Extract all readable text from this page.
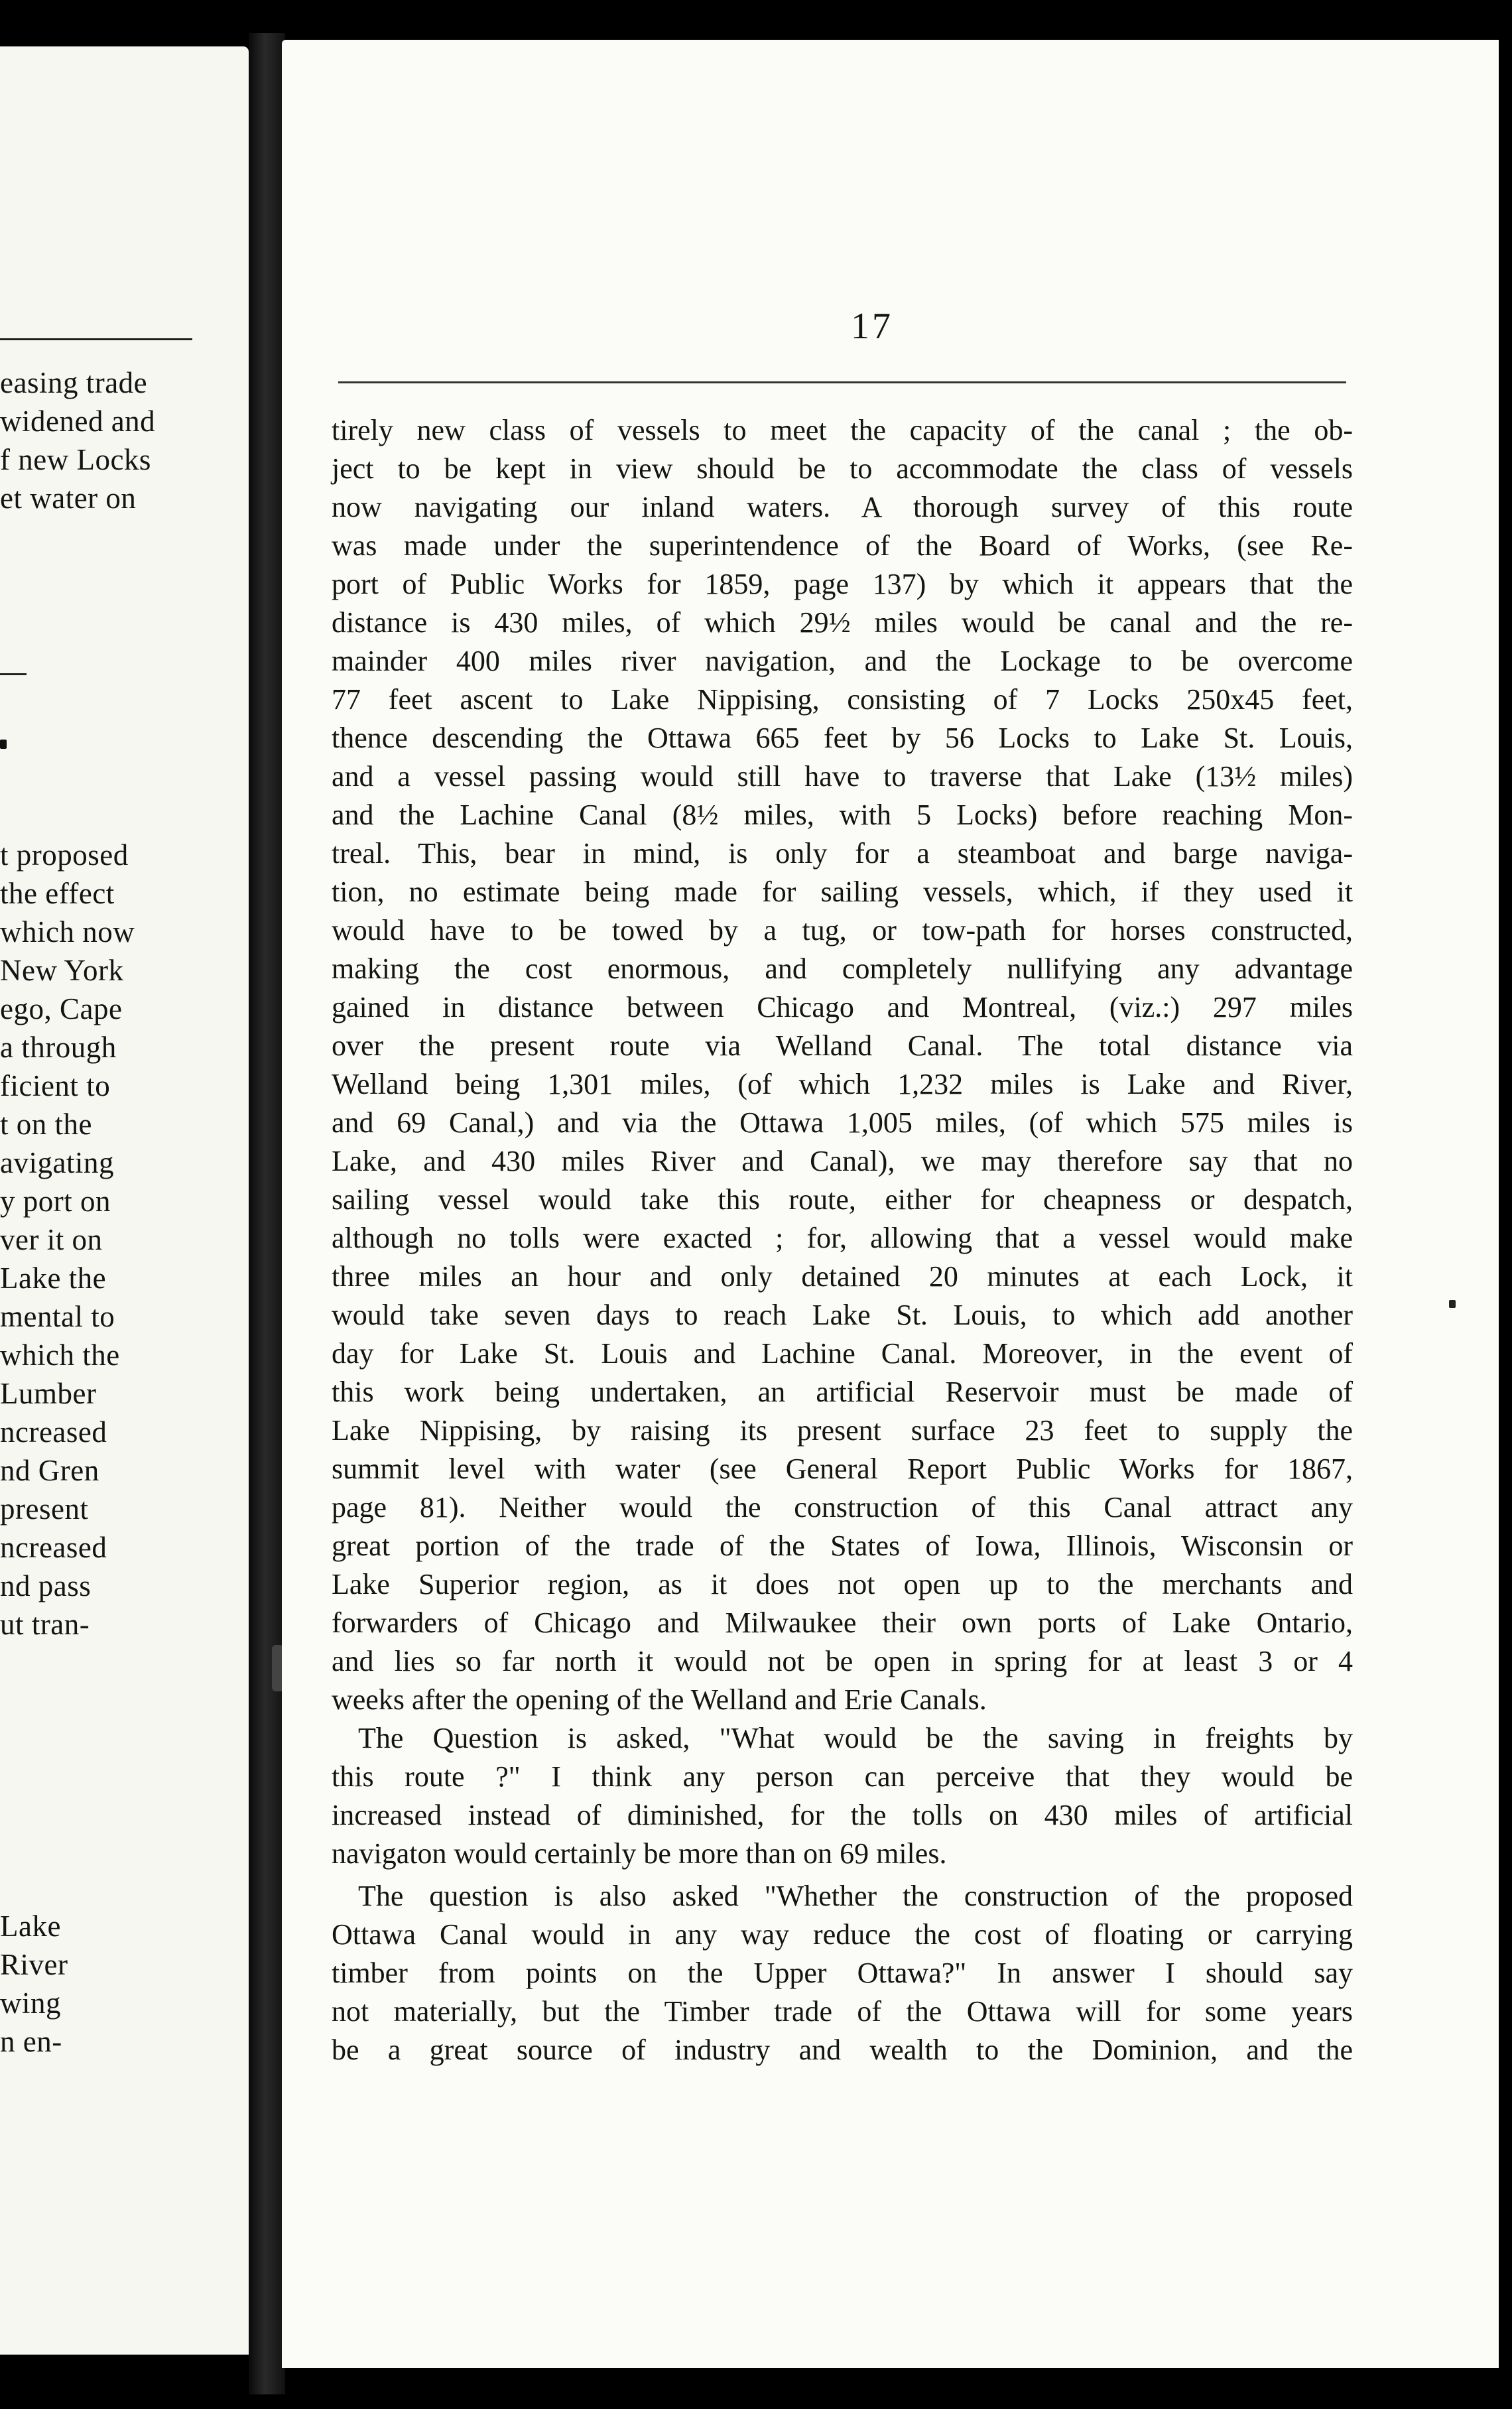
easing trade
widened and
f new Locks
et water on
t proposed
the effect
which now
New York
ego, Cape
a through
ficient to
t on the
avigating
y port on
ver it on
Lake the
mental to
which the
Lumber
ncreased
nd Gren
present
ncreased
nd pass
ut tran-
Lake
River
wing
n en-
17
tirely new class of vessels to meet the capacity of the canal ; the ob-
ject to be kept in view should be to accommodate the class of vessels
now navigating our inland waters. A thorough survey of this route
was made under the superintendence of the Board of Works, (see Re-
port of Public Works for 1859, page 137) by which it appears that the
distance is 430 miles, of which 29½ miles would be canal and the re-
mainder 400 miles river navigation, and the Lockage to be overcome
77 feet ascent to Lake Nippising, consisting of 7 Locks 250x45 feet,
thence descending the Ottawa 665 feet by 56 Locks to Lake St. Louis,
and a vessel passing would still have to traverse that Lake (13½ miles)
and the Lachine Canal (8½ miles, with 5 Locks) before reaching Mon-
treal. This, bear in mind, is only for a steamboat and barge naviga-
tion, no estimate being made for sailing vessels, which, if they used it
would have to be towed by a tug, or tow-path for horses constructed,
making the cost enormous, and completely nullifying any advantage
gained in distance between Chicago and Montreal, (viz.:) 297 miles
over the present route via Welland Canal. The total distance via
Welland being 1,301 miles, (of which 1,232 miles is Lake and River,
and 69 Canal,) and via the Ottawa 1,005 miles, (of which 575 miles is
Lake, and 430 miles River and Canal), we may therefore say that no
sailing vessel would take this route, either for cheapness or despatch,
although no tolls were exacted ; for, allowing that a vessel would make
three miles an hour and only detained 20 minutes at each Lock, it
would take seven days to reach Lake St. Louis, to which add another
day for Lake St. Louis and Lachine Canal. Moreover, in the event of
this work being undertaken, an artificial Reservoir must be made of
Lake Nippising, by raising its present surface 23 feet to supply the
summit level with water (see General Report Public Works for 1867,
page 81). Neither would the construction of this Canal attract any
great portion of the trade of the States of Iowa, Illinois, Wisconsin or
Lake Superior region, as it does not open up to the merchants and
forwarders of Chicago and Milwaukee their own ports of Lake Ontario,
and lies so far north it would not be open in spring for at least 3 or 4
weeks after the opening of the Welland and Erie Canals.
The Question is asked, "What would be the saving in freights by
this route ?" I think any person can perceive that they would be
increased instead of diminished, for the tolls on 430 miles of artificial
navigaton would certainly be more than on 69 miles.
The question is also asked "Whether the construction of the proposed
Ottawa Canal would in any way reduce the cost of floating or carrying
timber from points on the Upper Ottawa?" In answer I should say
not materially, but the Timber trade of the Ottawa will for some years
be a great source of industry and wealth to the Dominion, and the
